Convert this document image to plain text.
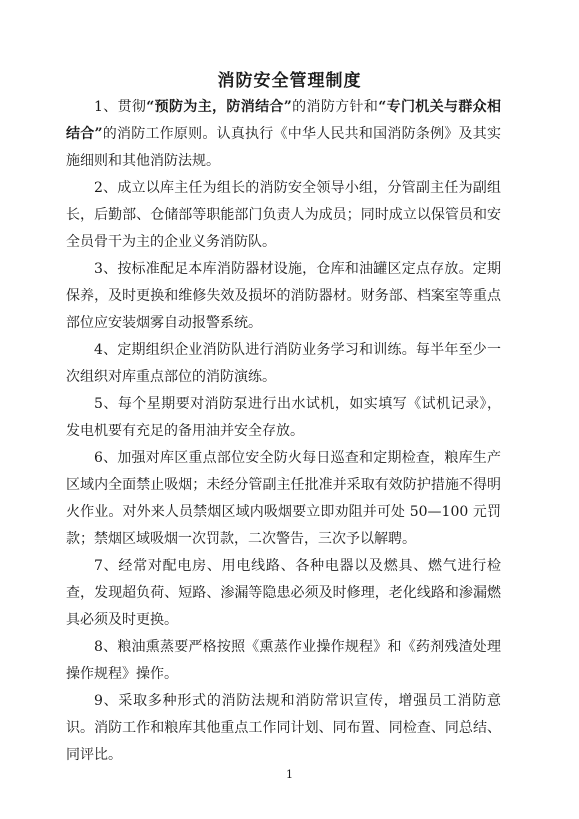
消防安全管理制度

1、贯彻“预防为主，防消结合”的消防方针和“专门机关与群众相结合”的消防工作原则。认真执行《中华人民共和国消防条例》及其实施细则和其他消防法规。

2、成立以库主任为组长的消防安全领导小组，分管副主任为副组长，后勤部、仓储部等职能部门负责人为成员；同时成立以保管员和安全员骨干为主的企业义务消防队。

3、按标准配足本库消防器材设施，仓库和油罐区定点存放。定期保养，及时更换和维修失效及损坏的消防器材。财务部、档案室等重点部位应安装烟雾自动报警系统。

4、定期组织企业消防队进行消防业务学习和训练。每半年至少一次组织对库重点部位的消防演练。

5、每个星期要对消防泵进行出水试机，如实填写《试机记录》，发电机要有充足的备用油并安全存放。

6、加强对库区重点部位安全防火每日巡查和定期检查，粮库生产区域内全面禁止吸烟；未经分管副主任批准并采取有效防护措施不得明火作业。对外来人员禁烟区域内吸烟要立即劝阻并可处 50—100 元罚款；禁烟区域吸烟一次罚款，二次警告，三次予以解聘。

7、经常对配电房、用电线路、各种电器以及燃具、燃气进行检查，发现超负荷、短路、渗漏等隐患必须及时修理，老化线路和渗漏燃具必须及时更换。

8、粮油熏蒸要严格按照《熏蒸作业操作规程》和《药剂残渣处理操作规程》操作。

9、采取多种形式的消防法规和消防常识宣传，增强员工消防意识。消防工作和粮库其他重点工作同计划、同布置、同检查、同总结、同评比。

1
